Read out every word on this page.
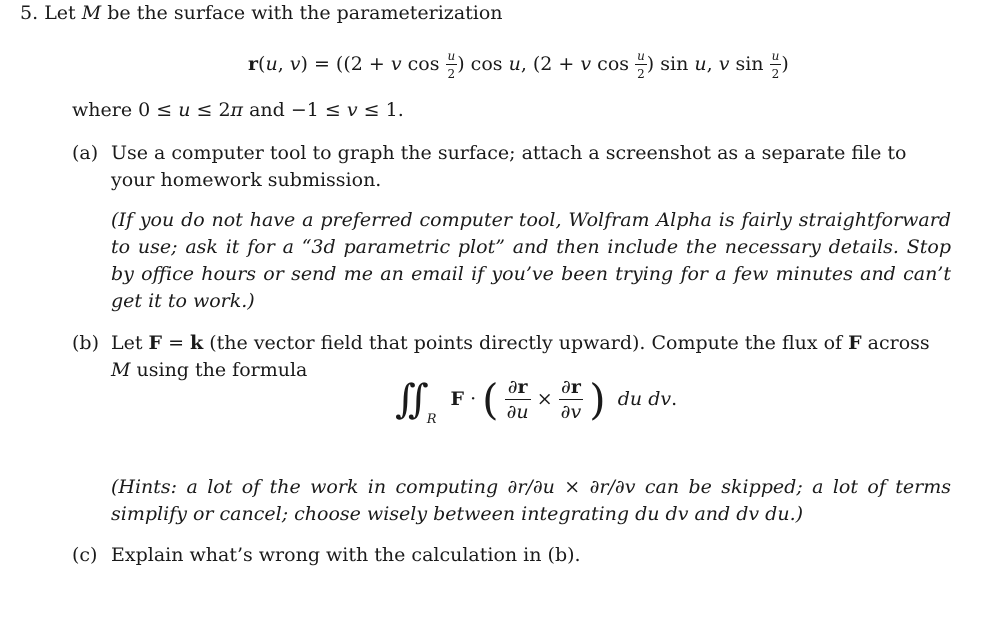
5. Let M be the surface with the parameterization
r(u, v) = ((2 + v $\cos \frac{u}{2}$ ) cos u, (2 + v $\cos \frac{u}{2}$ ) sin u, v $\sin \frac{u}{2}$ )
where 0 ≤ u ≤ 2π and −1 ≤ v ≤ 1.
(a) Use a computer tool to graph the surface; attach a screenshot as a separate file to your homework submission.
(If you do not have a preferred computer tool, Wolfram Alpha is fairly straightforward to use; ask it for a “3d parametric plot” and then include the necessary details. Stop by office hours or send me an email if you’ve been trying for a few minutes and can’t get it to work.)
(b) Let F = k (the vector field that points directly upward). Compute the flux of F across
M using the formula
∫∫ $_R$ F · ( $\frac{\partial r}{\partial u} \times \frac{\partial r}{\partial v}$ ) du dv.
(Hints: a lot of the work in computing ∂r/∂u × ∂r/∂v can be skipped; a lot of terms simplify or cancel; choose wisely between integrating du dv and dv du.)
(c) Explain what’s wrong with the calculation in (b).
